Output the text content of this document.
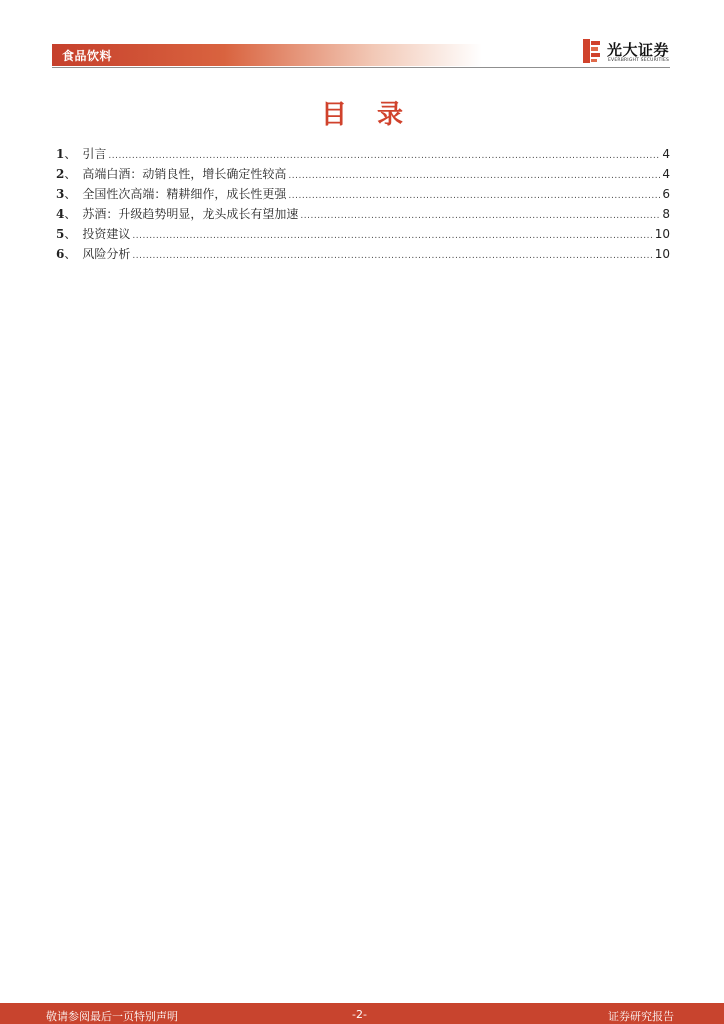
食品饮料	光大证券
EVERBRIGHT SECURITIES
目录
1 、 引言 .....	4
2 、 高端白酒：动销良性，增长确定性较高 .....	4
3 、 全国性次高端：精耕细作，成长性更强 .....	6
4 、 苏酒：升级趋势明显，龙头成长有望加速 .....	8
5 、 投资建议 .....	10
6 、 风险分析 .....	10
敬请参阅最后一页特别声明	-2-	证券研究报告
